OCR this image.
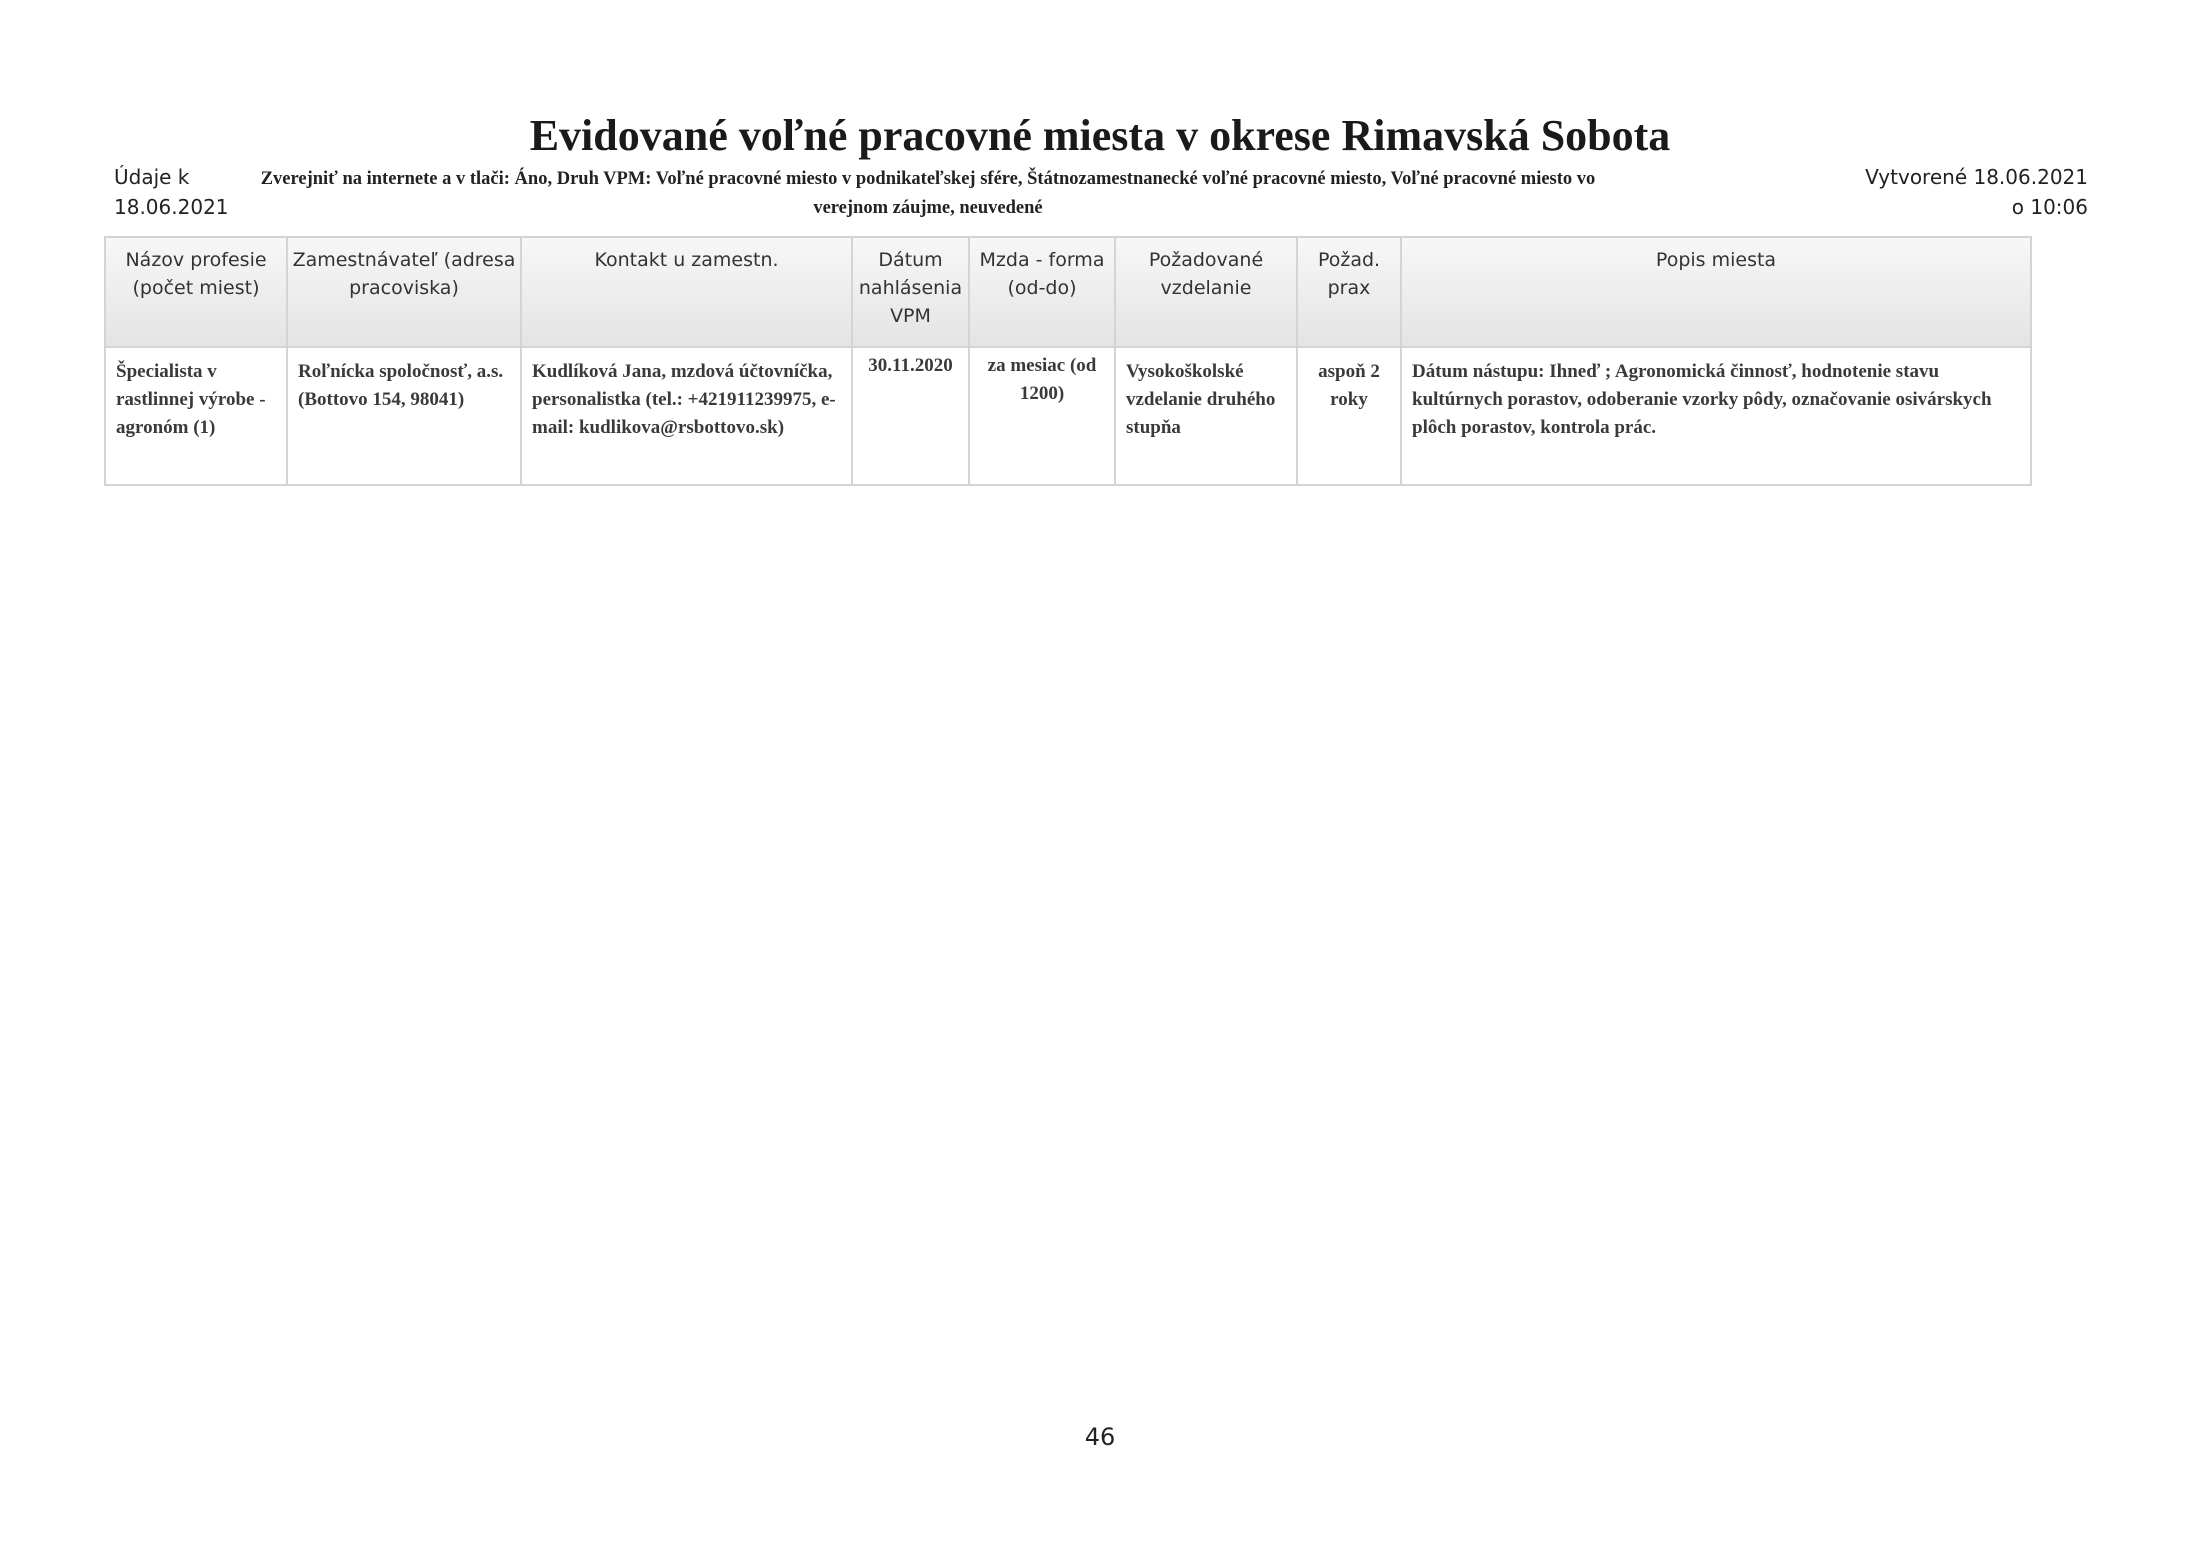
Evidované voľné pracovné miesta v okrese Rimavská Sobota
Údaje k 18.06.2021
Zverejniť na internete a v tlači: Áno, Druh VPM: Voľné pracovné miesto v podnikateľskej sfére, Štátnozamestnanecké voľné pracovné miesto, Voľné pracovné miesto vo verejnom záujme, neuvedené
Vytvorené 18.06.2021 o 10:06
Názov profesie (počet miest)	Zamestnávateľ (adresa pracoviska)	Kontakt u zamestn.	Dátum nahlásenia VPM	Mzda - forma (od-do)	Požadované vzdelanie	Požad. prax	Popis miesta
Špecialista v rastlinnej výrobe - agronóm (1)	Roľnícka spoločnosť, a.s.(Bottovo 154, 98041)	Kudlíková Jana, mzdová účtovníčka, personalistka (tel.: +421911239975, e-mail: kudlikova@rsbottovo.sk)	30.11.2020	za mesiac (od 1200)	Vysokoškolské vzdelanie druhého stupňa	aspoň 2 roky	Dátum nástupu: Ihneď ; Agronomická činnosť, hodnotenie stavu kultúrnych porastov, odoberanie vzorky pôdy, označovanie osivárskych plôch porastov, kontrola prác.
46
